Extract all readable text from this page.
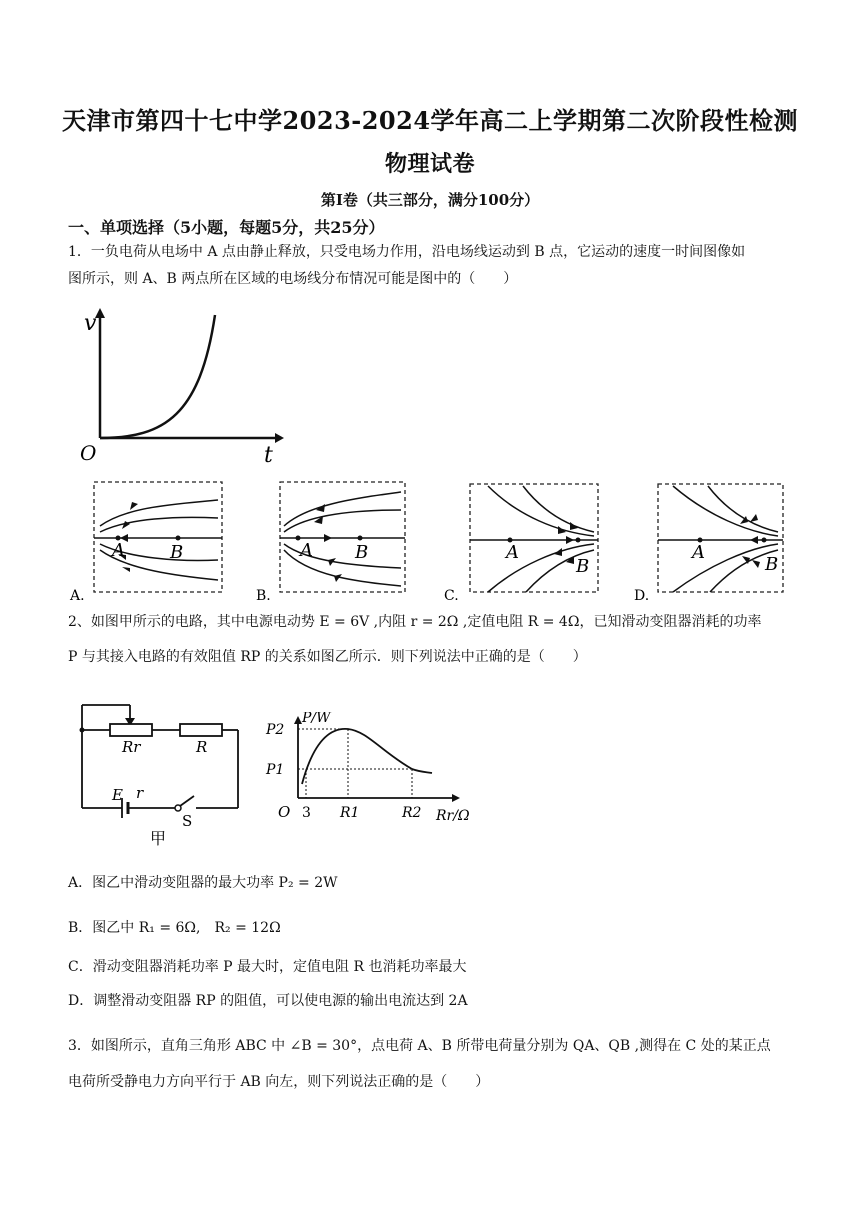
天津市第四十七中学2023-2024学年高二上学期第二次阶段性检测
物理试卷
第Ⅰ卷（共三部分，满分100分）
一、单项选择（5小题，每题5分，共25分）
1．一负电荷从电场中 A 点由静止释放，只受电场力作用，沿电场线运动到 B 点，它运动的速度一时间图像如
图所示，则 A、B 两点所在区域的电场线分布情况可能是图中的（　　）
v
O	t
A	B
A.
A B
B.
A
B
C.
A
B
D.
2、如图甲所示的电路，其中电源电动势 E = 6V ,内阻 r = 2Ω ,定值电阻 R = 4Ω，已知滑动变阻器消耗的功率
P 与其接入电路的有效阻值 RP 的关系如图乙所示．则下列说法中正确的是（　　）
Rr	R
E r
S
甲
P/W
P2
P1
O 3 R1	R2 Rr/Ω
A．图乙中滑动变阻器的最大功率 P₂ = 2W
B．图乙中 R₁ = 6Ω,　R₂ = 12Ω
C．滑动变阻器消耗功率 P 最大时，定值电阻 R 也消耗功率最大
D．调整滑动变阻器 RP 的阻值，可以使电源的输出电流达到 2A
3．如图所示，直角三角形 ABC 中 ∠B = 30°，点电荷 A、B 所带电荷量分别为 QA、QB ,测得在 C 处的某正点
电荷所受静电力方向平行于 AB 向左，则下列说法正确的是（　　）
